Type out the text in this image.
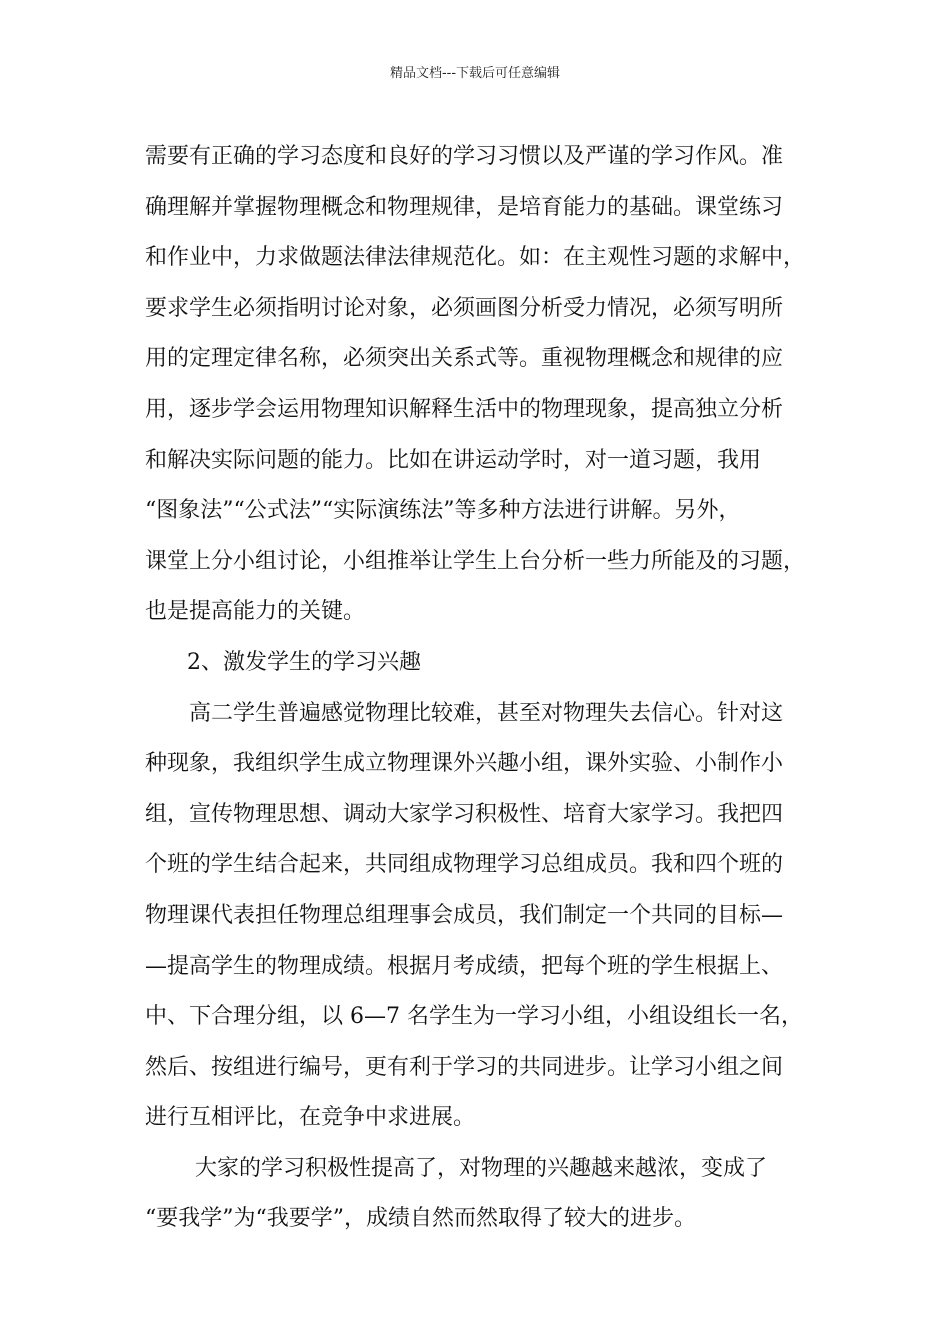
精品文档---下载后可任意编辑
需要有正确的学习态度和良好的学习习惯以及严谨的学习作风。准
确理解并掌握物理概念和物理规律，是培育能力的基础。课堂练习
和作业中，力求做题法律法律规范化。如：在主观性习题的求解中，
要求学生必须指明讨论对象，必须画图分析受力情况，必须写明所
用的定理定律名称，必须突出关系式等。重视物理概念和规律的应
用，逐步学会运用物理知识解释生活中的物理现象，提高独立分析
和解决实际问题的能力。比如在讲运动学时，对一道习题，我用
“图象法”“公式法”“实际演练法”等多种方法进行讲解。另外，
课堂上分小组讨论，小组推举让学生上台分析一些力所能及的习题，
也是提高能力的关键。
2、激发学生的学习兴趣
高二学生普遍感觉物理比较难，甚至对物理失去信心。针对这
种现象，我组织学生成立物理课外兴趣小组，课外实验、小制作小
组，宣传物理思想、调动大家学习积极性、培育大家学习。我把四
个班的学生结合起来，共同组成物理学习总组成员。我和四个班的
物理课代表担任物理总组理事会成员，我们制定一个共同的目标—
—提高学生的物理成绩。根据月考成绩，把每个班的学生根据上、
中、下合理分组，以 6—7 名学生为一学习小组，小组设组长一名，
然后、按组进行编号，更有利于学习的共同进步。让学习小组之间
进行互相评比，在竞争中求进展。
大家的学习积极性提高了，对物理的兴趣越来越浓，变成了
“要我学”为“我要学”，成绩自然而然取得了较大的进步。
